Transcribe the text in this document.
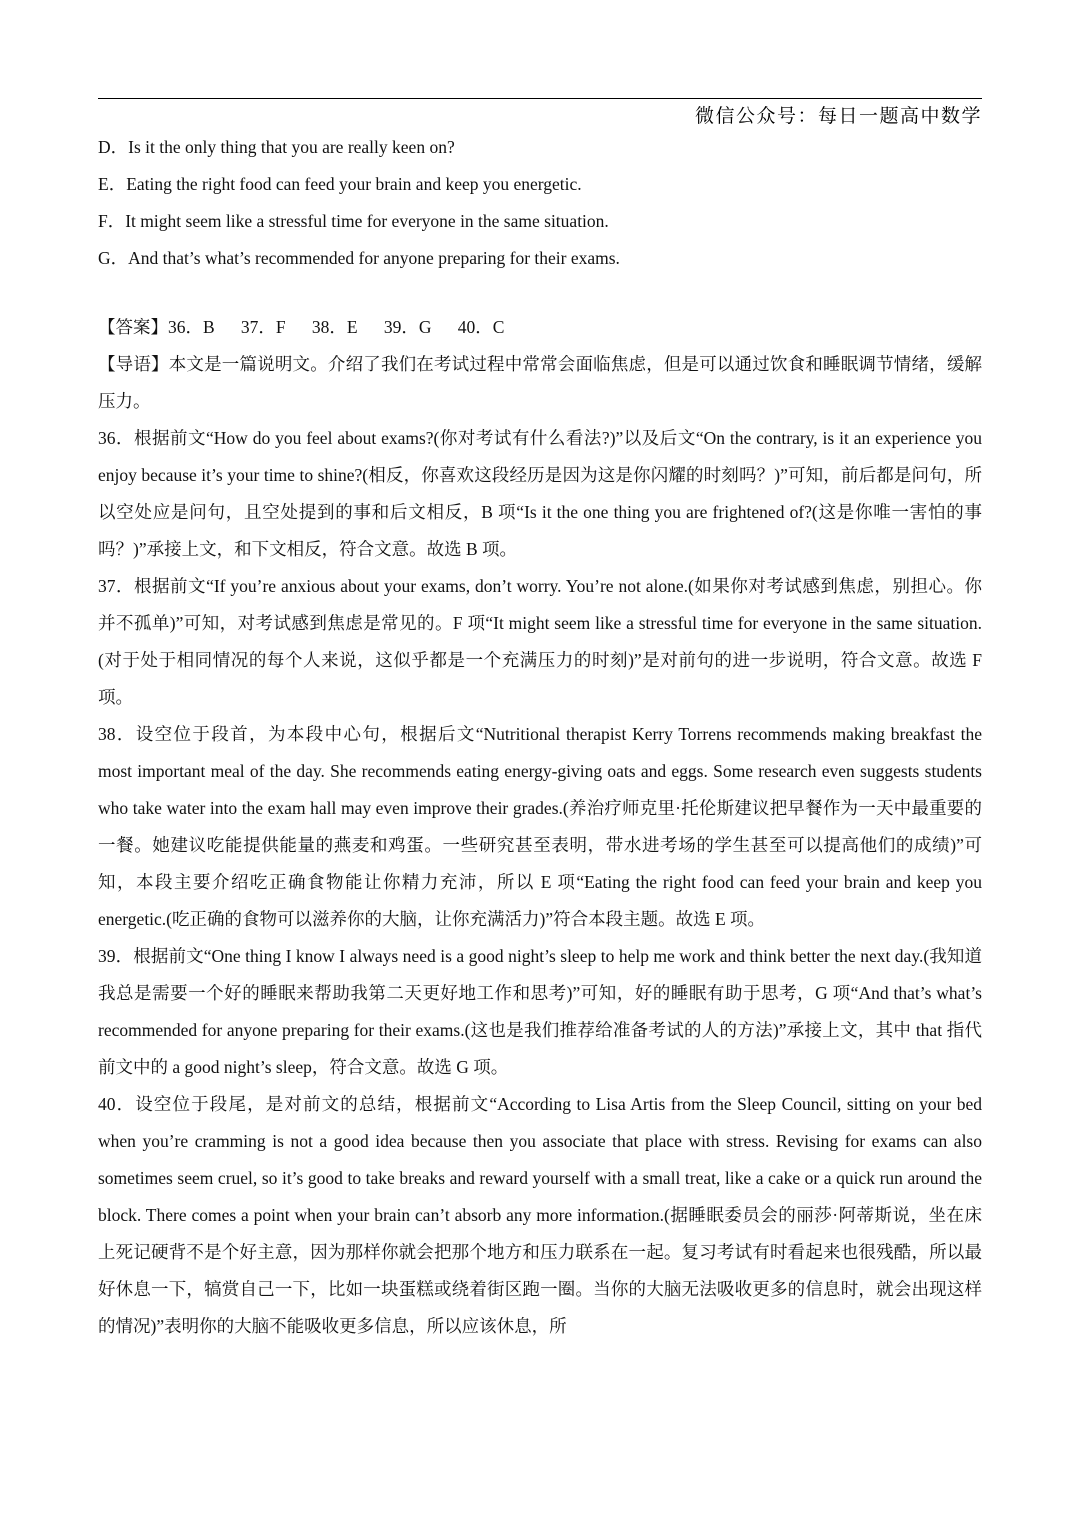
微信公众号：每日一题高中数学
D．Is it the only thing that you are really keen on?
E．Eating the right food can feed your brain and keep you energetic.
F．It might seem like a stressful time for everyone in the same situation.
G．And that’s what’s recommended for anyone preparing for their exams.
【答案】36．B      37．F      38．E      39．G      40．C

【导语】本文是一篇说明文。介绍了我们在考试过程中常常会面临焦虑，但是可以通过饮食和睡眠调节情绪，缓解压力。

36．根据前文“How do you feel about exams?(你对考试有什么看法?)”以及后文“On the contrary, is it an experience you enjoy because it’s your time to shine?(相反，你喜欢这段经历是因为这是你闪耀的时刻吗？)”可知，前后都是问句，所以空处应是问句，且空处提到的事和后文相反，B 项“Is it the one thing you are frightened of?(这是你唯一害怕的事吗？)”承接上文，和下文相反，符合文意。故选 B 项。

37．根据前文“If you’re anxious about your exams, don’t worry. You’re not alone.(如果你对考试感到焦虑，别担心。你并不孤单)”可知，对考试感到焦虑是常见的。F 项“It might seem like a stressful time for everyone in the same situation.(对于处于相同情况的每个人来说，这似乎都是一个充满压力的时刻)”是对前句的进一步说明，符合文意。故选 F 项。

38．设空位于段首，为本段中心句，根据后文“Nutritional therapist Kerry Torrens recommends making breakfast the most important meal of the day. She recommends eating energy-giving oats and eggs. Some research even suggests students who take water into the exam hall may even improve their grades.(养治疗师克里·托伦斯建议把早餐作为一天中最重要的一餐。她建议吃能提供能量的燕麦和鸡蛋。一些研究甚至表明，带水进考场的学生甚至可以提高他们的成绩)”可知，本段主要介绍吃正确食物能让你精力充沛，所以 E 项“Eating the right food can feed your brain and keep you energetic.(吃正确的食物可以滋养你的大脑，让你充满活力)”符合本段主题。故选 E 项。

39．根据前文“One thing I know I always need is a good night’s sleep to help me work and think better the next day.(我知道我总是需要一个好的睡眠来帮助我第二天更好地工作和思考)”可知，好的睡眠有助于思考，G 项“And that’s what’s recommended for anyone preparing for their exams.(这也是我们推荐给准备考试的人的方法)”承接上文，其中 that 指代前文中的 a good night’s sleep，符合文意。故选 G 项。

40．设空位于段尾，是对前文的总结，根据前文“According to Lisa Artis from the Sleep Council, sitting on your bed when you’re cramming is not a good idea because then you associate that place with stress. Revising for exams can also sometimes seem cruel, so it’s good to take breaks and reward yourself with a small treat, like a cake or a quick run around the block. There comes a point when your brain can’t absorb any more information.(据睡眠委员会的丽莎·阿蒂斯说，坐在床上死记硬背不是个好主意，因为那样你就会把那个地方和压力联系在一起。复习考试有时看起来也很残酷，所以最好休息一下，犒赏自己一下，比如一块蛋糕或绕着街区跑一圈。当你的大脑无法吸收更多的信息时，就会出现这样的情况)”表明你的大脑不能吸收更多信息，所以应该休息，所
